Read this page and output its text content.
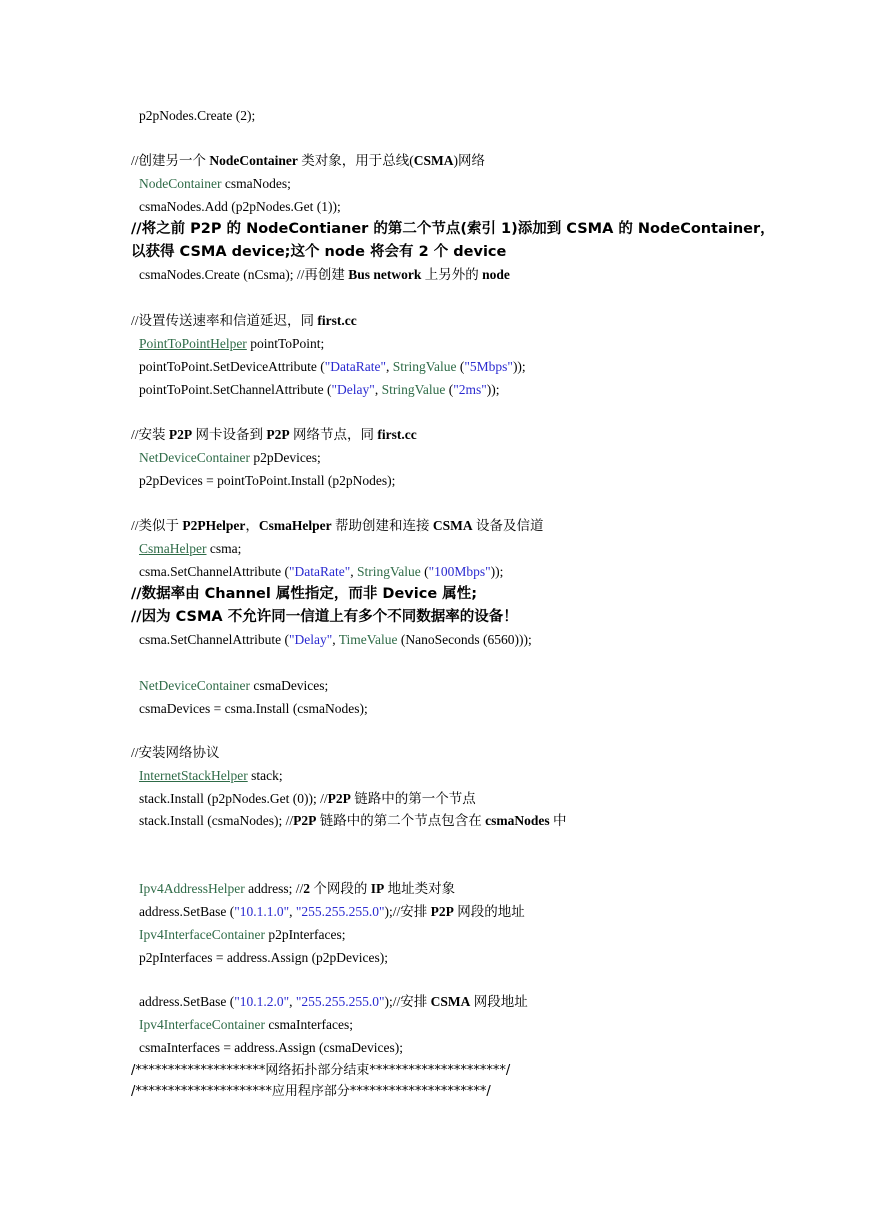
p2pNodes.Create (2);
//创建另一个 NodeContainer 类对象，用于总线(CSMA)网络
NodeContainer csmaNodes;
csmaNodes.Add (p2pNodes.Get (1));
//将之前 P2P 的 NodeContianer 的第二个节点(索引 1)添加到 CSMA 的 NodeContainer，
以获得 CSMA device;这个 node 将会有 2 个 device
csmaNodes.Create (nCsma); //再创建 Bus network 上另外的 node
//设置传送速率和信道延迟，同 first.cc
PointToPointHelper pointToPoint;
pointToPoint.SetDeviceAttribute ("DataRate", StringValue ("5Mbps"));
pointToPoint.SetChannelAttribute ("Delay", StringValue ("2ms"));
//安装 P2P 网卡设备到 P2P 网络节点，同 first.cc
NetDeviceContainer p2pDevices;
p2pDevices = pointToPoint.Install (p2pNodes);
//类似于 P2PHelper，CsmaHelper 帮助创建和连接 CSMA 设备及信道
CsmaHelper csma;
csma.SetChannelAttribute ("DataRate", StringValue ("100Mbps"));
//数据率由 Channel 属性指定，而非 Device 属性;
//因为 CSMA 不允许同一信道上有多个不同数据率的设备！
csma.SetChannelAttribute ("Delay", TimeValue (NanoSeconds (6560)));
NetDeviceContainer csmaDevices;
csmaDevices = csma.Install (csmaNodes);
//安装网络协议
InternetStackHelper stack;
stack.Install (p2pNodes.Get (0)); //P2P 链路中的第一个节点
stack.Install (csmaNodes); //P2P 链路中的第二个节点包含在 csmaNodes 中
Ipv4AddressHelper address; //2 个网段的 IP 地址类对象
address.SetBase ("10.1.1.0", "255.255.255.0");//安排 P2P 网段的地址
Ipv4InterfaceContainer p2pInterfaces;
p2pInterfaces = address.Assign (p2pDevices);
address.SetBase ("10.1.2.0", "255.255.255.0");//安排 CSMA 网段地址
Ipv4InterfaceContainer csmaInterfaces;
csmaInterfaces = address.Assign (csmaDevices);
/********************网络拓扑部分结束*********************/
/*********************应用程序部分*********************/
